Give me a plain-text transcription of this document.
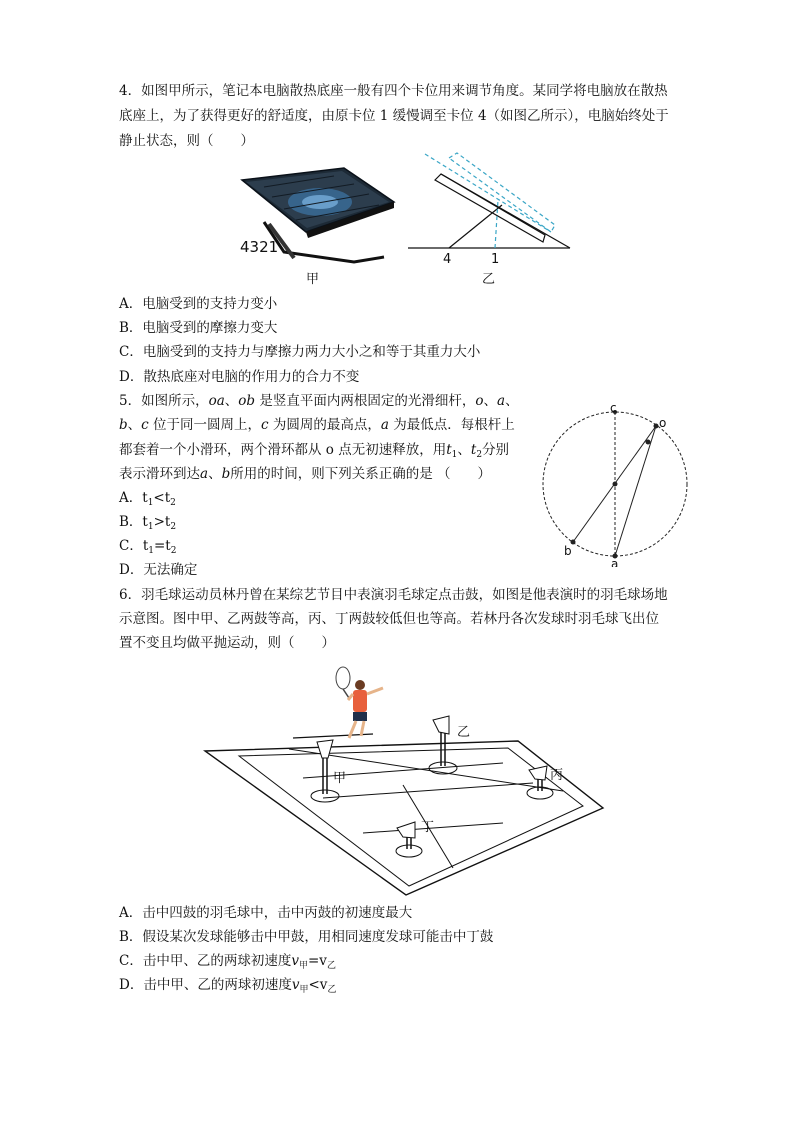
4．如图甲所示，笔记本电脑散热底座一般有四个卡位用来调节角度。某同学将电脑放在散热
底座上，为了获得更好的舒适度，由原卡位 1 缓慢调至卡位 4（如图乙所示），电脑始终处于
静止状态，则（　　）
4321
甲
4	1
乙
A．电脑受到的支持力变小
B．电脑受到的摩擦力变大
C．电脑受到的支持力与摩擦力两力大小之和等于其重力大小
D．散热底座对电脑的作用力的合力不变
5．如图所示，oa、ob 是竖直平面内两根固定的光滑细杆，o、a、
b、c 位于同一圆周上，c 为圆周的最高点，a 为最低点．每根杆上
都套着一个小滑环，两个滑环都从 o 点无初速释放，用$t_1$、$t_2$分别
表示滑环到达a、b所用的时间，则下列关系正确的是 （　　）
A．$t_1<t_2$
B．$t_1>t_2$
C．$t_1=t_2$
D．无法确定
c
o
b
a
6．羽毛球运动员林丹曾在某综艺节目中表演羽毛球定点击鼓，如图是他表演时的羽毛球场地
示意图。图中甲、乙两鼓等高，丙、丁两鼓较低但也等高。若林丹各次发球时羽毛球飞出位
置不变且均做平抛运动，则（　　）
甲
乙
丙
丁
A．击中四鼓的羽毛球中，击中丙鼓的初速度最大
B．假设某次发球能够击中甲鼓，用相同速度发球可能击中丁鼓
C．击中甲、乙的两球初速度$v_甲=v_乙$
D．击中甲、乙的两球初速度$v_甲<v_乙$
